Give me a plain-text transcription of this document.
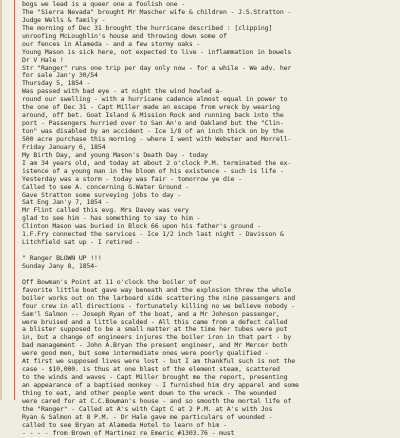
bogs we lead is a queer one a foolish one -
The "Sierra Nevada" brought Mr Mascher wife & children - J.S.Stratton -
Judge Wells & family -
The morning of Dec 31 brought the hurricane described : [clipping]
unroofing McLoughlin's house and throwing down some of
our fences in Alameda - and a few stormy oaks -
Young Mason is sick here, not expected to live - inflammation in bowels
Dr V Hale !
Str "Ranger" runs one trip per day only now - for a while - We adv. her
for sale Jan'y 30/54
Thursday 5, 1854 -
Was passed with bad eye - at night the wind howled a-
round our swelling - with a hurricane cadence almost equal in power to
the one of Dec 31 - Capt Miller made an escape from wreck by wearing
around, off bet. Goat Island & Mission Rock and running back into the
port - Passengers hurried over to San An'o and Oakland but the "Clin-
ton" was disabled by an accident - Ice 1/8 of an inch thick on by the
500 acre purchase this morning - where I went with Webster and Morrell-
Friday January 6, 1854
My Birth Day, and young Mason's Death Day - today
I am 34 years old, and today at about 2 o'clock P.M. terminated the ex-
istence of a young man in the bloom of his existence - such is life -
Yesterday was a storm - today was fair - tomorrow ye die -
Called to see A. concerning G.Water Ground -
Gave Stratton some surveying jobs to day -
Sat Eng Jan'y 7, 1854 -
Mr Flint called this evg. Mrs Davey was very
glad to see him - has something to say to him -
Clinton Mason was buried in Block 66 upon his father's ground -
1.F.Fry connected the services - Ice 1/2 inch last night - Davisson &
Litchfield sat up - I retired -
" Ranger BLOWN UP !!!
Sunday Jany 8, 1854-
Off Bowman's Point at 11 o'clock the boiler of our
favorite little boat gave way beneath and the explosion threw the whole
boiler works out on the larboard side scattering the nine passengers and
four crew in all directions - fortunately killing no we believe nobody -
Sam'l Salmon -- Joseph Ryan of the boat, and a Mr Johnson passenger,
were bruised and a little scalded - All this came from a defect called
a blister supposed to be a small matter at the time her tubes were put
in, but a change of engineers injures the boiler iron in that part - by
bad management - John A.Bryan the present engineer, and Mr Mercer both
were good men, but some intermediate ones were poorly qualified -
At first we supposed lives were lost - but I am thankful such is not the
case - $10,000. is thus at one blast of the element steam, scattered
to the winds and waves - Capt Miller brought me the report, presenting
an appearance of a baptised monkey - I furnished him dry apparel and some
thing to eat, and other people went down to the wreck - The wounded
were cared for at C.C.Bowman's house - and so smooth the mortal life of
the "Ranger" - Called at A's with Capt C at 2 P.M. at A's with Jos
Ryan & Salmon at 8 P.M. - Dr Hale gave me particulars of wounded -
called to see Bryan at Alameda Hotel to learn of him -
- - - - from Brown of Martinez re Emeric #1303.76 - must
